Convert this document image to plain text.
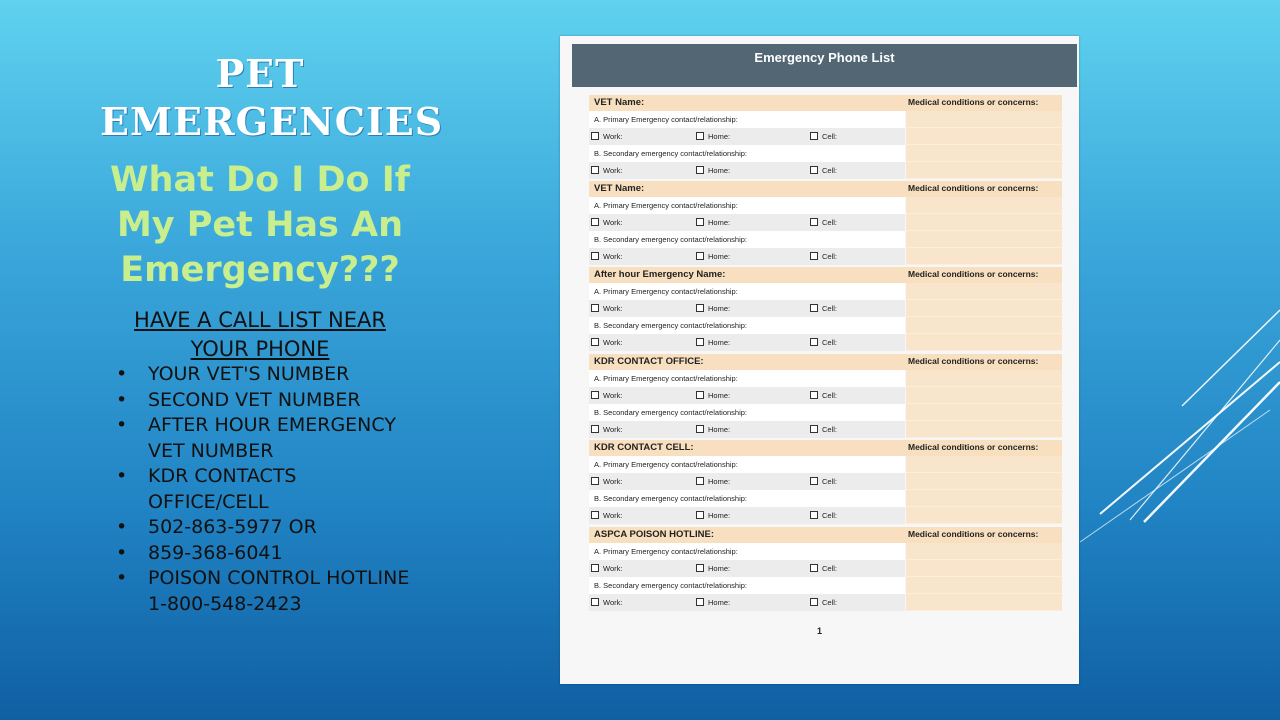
PET
EMERGENCIES
What Do I Do If
My Pet Has An
Emergency???
HAVE A CALL LIST NEAR
YOUR PHONE
• YOUR VET'S NUMBER
• SECOND VET NUMBER
• AFTER HOUR EMERGENCY VET NUMBER
• KDR CONTACTS OFFICE/CELL
• 502-863-5977 OR
• 859-368-6041
• POISON CONTROL HOTLINE 1-800-548-2423
Emergency Phone List
VET Name:	Medical conditions or concerns:
A. Primary Emergency contact/relationship:
Work:	Home:	Cell:
B. Secondary emergency contact/relationship:
Work:	Home:	Cell:
VET Name:	Medical conditions or concerns:
A. Primary Emergency contact/relationship:
Work:	Home:	Cell:
B. Secondary emergency contact/relationship:
Work:	Home:	Cell:
After hour Emergency Name:	Medical conditions or concerns:
A. Primary Emergency contact/relationship:
Work:	Home:	Cell:
B. Secondary emergency contact/relationship:
Work:	Home:	Cell:
KDR CONTACT OFFICE:	Medical conditions or concerns:
A. Primary Emergency contact/relationship:
Work:	Home:	Cell:
B. Secondary emergency contact/relationship:
Work:	Home:	Cell:
KDR CONTACT CELL:	Medical conditions or concerns:
A. Primary Emergency contact/relationship:
Work:	Home:	Cell:
B. Secondary emergency contact/relationship:
Work:	Home:	Cell:
ASPCA POISON HOTLINE:	Medical conditions or concerns:
A. Primary Emergency contact/relationship:
Work:	Home:	Cell:
B. Secondary emergency contact/relationship:
Work:	Home:	Cell:
1
